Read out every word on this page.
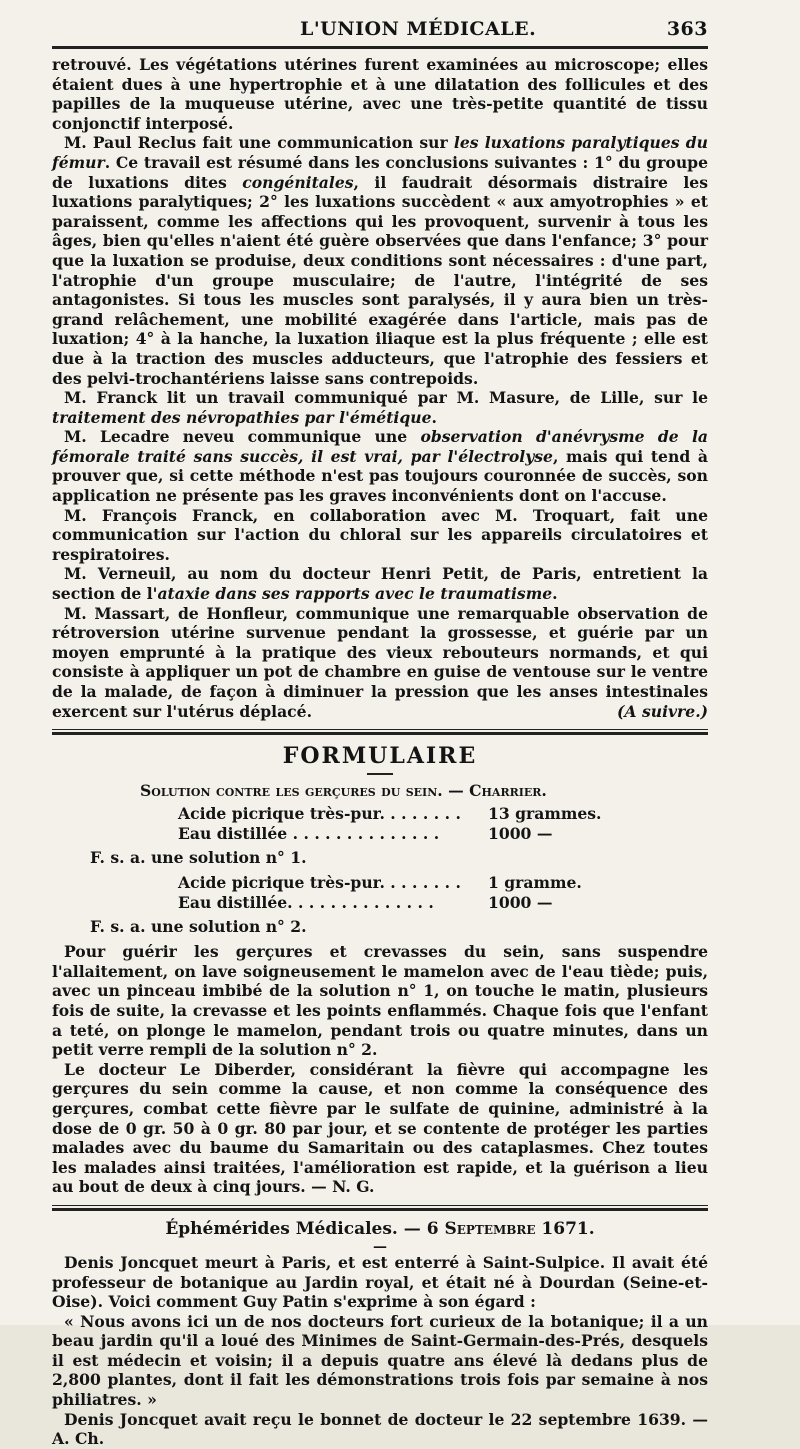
L'UNION MÉDICALE.	363

retrouvé. Les végétations utérines furent examinées au microscope; elles étaient dues à une hypertrophie et à une dilatation des follicules et des papilles de la muqueuse utérine, avec une très-petite quantité de tissu conjonctif interposé.

M. Paul Reclus fait une communication sur les luxations paralytiques du fémur. Ce travail est résumé dans les conclusions suivantes : 1° du groupe de luxations dites congénitales, il faudrait désormais distraire les luxations paralytiques; 2° les luxations succèdent « aux amyotrophies » et paraissent, comme les affections qui les provoquent, survenir à tous les âges, bien qu'elles n'aient été guère observées que dans l'enfance; 3° pour que la luxation se produise, deux conditions sont nécessaires : d'une part, l'atrophie d'un groupe musculaire; de l'autre, l'intégrité de ses antagonistes. Si tous les muscles sont paralysés, il y aura bien un très-grand relâchement, une mobilité exagérée dans l'article, mais pas de luxation; 4° à la hanche, la luxation iliaque est la plus fréquente ; elle est due à la traction des muscles adducteurs, que l'atrophie des fessiers et des pelvi-trochantériens laisse sans contrepoids.

M. Franck lit un travail communiqué par M. Masure, de Lille, sur le traitement des névropathies par l'émétique.

M. Lecadre neveu communique une observation d'anévrysme de la fémorale traité sans succès, il est vrai, par l'électrolyse, mais qui tend à prouver que, si cette méthode n'est pas toujours couronnée de succès, son application ne présente pas les graves inconvénients dont on l'accuse.

M. François Franck, en collaboration avec M. Troquart, fait une communication sur l'action du chloral sur les appareils circulatoires et respiratoires.

M. Verneuil, au nom du docteur Henri Petit, de Paris, entretient la section de l'ataxie dans ses rapports avec le traumatisme.

M. Massart, de Honfleur, communique une remarquable observation de rétroversion utérine survenue pendant la grossesse, et guérie par un moyen emprunté à la pratique des vieux rebouteurs normands, et qui consiste à appliquer un pot de chambre en guise de ventouse sur le ventre de la malade, de façon à diminuer la pression que les anses intestinales exercent sur l'utérus déplacé.	(A suivre.)

FORMULAIRE
Solution contre les gerçures du sein. — Charrier.
Acide picrique très-pur. . . . . . . .	13 grammes.
Eau distillée . . . . . . . . . . . . . .	1000 —
F. s. a. une solution n° 1.
Acide picrique très-pur. . . . . . . .	1 gramme.
Eau distillée. . . . . . . . . . . . . .	1000 —
F. s. a. une solution n° 2.

Pour guérir les gerçures et crevasses du sein, sans suspendre l'allaitement, on lave soigneusement le mamelon avec de l'eau tiède; puis, avec un pinceau imbibé de la solution n° 1, on touche le matin, plusieurs fois de suite, la crevasse et les points enflammés. Chaque fois que l'enfant a teté, on plonge le mamelon, pendant trois ou quatre minutes, dans un petit verre rempli de la solution n° 2.

Le docteur Le Diberder, considérant la fièvre qui accompagne les gerçures du sein comme la cause, et non comme la conséquence des gerçures, combat cette fièvre par le sulfate de quinine, administré à la dose de 0 gr. 50 à 0 gr. 80 par jour, et se contente de protéger les parties malades avec du baume du Samaritain ou des cataplasmes. Chez toutes les malades ainsi traitées, l'amélioration est rapide, et la guérison a lieu au bout de deux à cinq jours. — N. G.

Éphémérides Médicales. — 6 Septembre 1671.
—

Denis Joncquet meurt à Paris, et est enterré à Saint-Sulpice. Il avait été professeur de botanique au Jardin royal, et était né à Dourdan (Seine-et-Oise). Voici comment Guy Patin s'exprime à son égard :

« Nous avons ici un de nos docteurs fort curieux de la botanique; il a un beau jardin qu'il a loué des Minimes de Saint-Germain-des-Prés, desquels il est médecin et voisin; il a depuis quatre ans élevé là dedans plus de 2,800 plantes, dont il fait les démonstrations trois fois par semaine à nos philiatres. »

Denis Joncquet avait reçu le bonnet de docteur le 22 septembre 1639. — A. Ch.
